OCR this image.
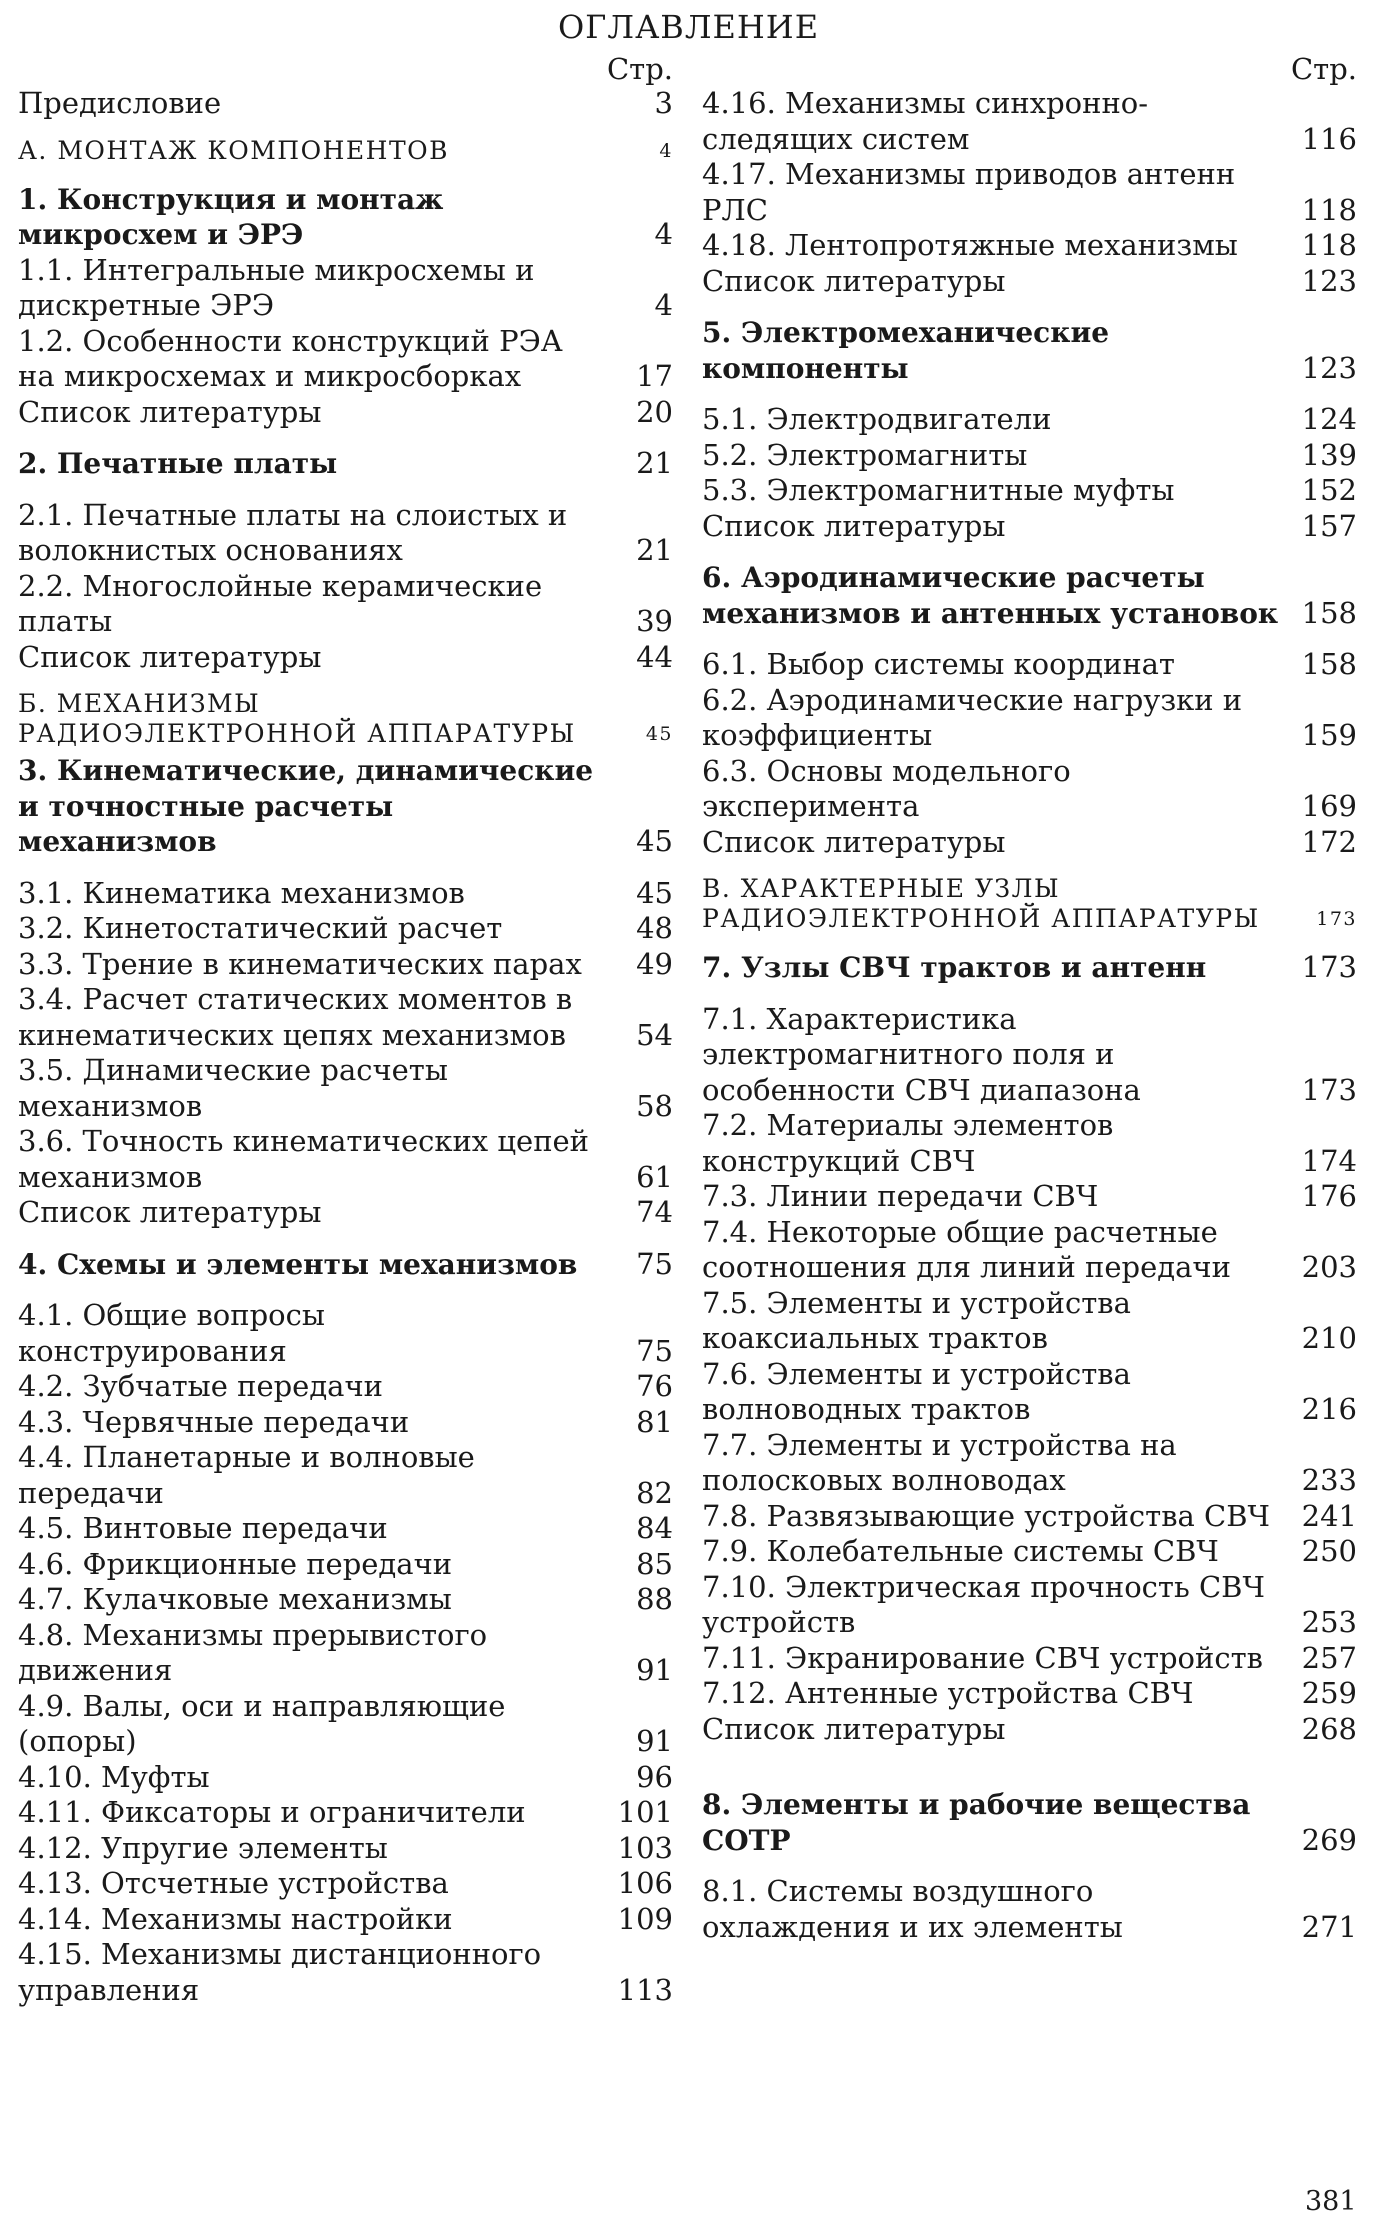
ОГЛАВЛЕНИЕ
Стр.
Предисловие	3
А. МОНТАЖ КОМПОНЕНТОВ	4
1. Конструкция и монтаж микросхем и ЭРЭ	4
1.1. Интегральные микросхемы и дискретные ЭРЭ	4
1.2. Особенности конструкций РЭА на микросхемах и микросборках	17
Список литературы	20
2. Печатные платы	21
2.1. Печатные платы на слоистых и волокнистых основаниях	21
2.2. Многослойные керамические платы	39
Список литературы	44
Б. МЕХАНИЗМЫ РАДИОЭЛЕКТРОННОЙ АППАРАТУРЫ	45
3. Кинематические, динамические и точностные расчеты механизмов	45
3.1. Кинематика механизмов	45
3.2. Кинетостатический расчет	48
3.3. Трение в кинематических парах	49
3.4. Расчет статических моментов в кинематических цепях механизмов	54
3.5. Динамические расчеты механизмов	58
3.6. Точность кинематических цепей механизмов	61
Список литературы	74
4. Схемы и элементы механизмов	75
4.1. Общие вопросы конструирования	75
4.2. Зубчатые передачи	76
4.3. Червячные передачи	81
4.4. Планетарные и волновые передачи	82
4.5. Винтовые передачи	84
4.6. Фрикционные передачи	85
4.7. Кулачковые механизмы	88
4.8. Механизмы прерывистого движения	91
4.9. Валы, оси и направляющие (опоры)	91
4.10. Муфты	96
4.11. Фиксаторы и ограничители	101
4.12. Упругие элементы	103
4.13. Отсчетные устройства	106
4.14. Механизмы настройки	109
4.15. Механизмы дистанционного управления	113
Стр.
4.16. Механизмы синхронно-следящих систем	116
4.17. Механизмы приводов антенн РЛС	118
4.18. Лентопротяжные механизмы	118
Список литературы	123
5. Электромеханические компоненты	123
5.1. Электродвигатели	124
5.2. Электромагниты	139
5.3. Электромагнитные муфты	152
Список литературы	157
6. Аэродинамические расчеты механизмов и антенных установок 158
6.1. Выбор системы координат	158
6.2. Аэродинамические нагрузки и коэффициенты	159
6.3. Основы модельного эксперимента	169
Список литературы	172
В. ХАРАКТЕРНЫЕ УЗЛЫ РАДИОЭЛЕКТРОННОЙ АППАРАТУРЫ	173
7. Узлы СВЧ трактов и антенн	173
7.1. Характеристика электромагнитного поля и особенности СВЧ диапазона	173
7.2. Материалы элементов конструкций СВЧ	174
7.3. Линии передачи СВЧ	176
7.4. Некоторые общие расчетные соотношения для линий передачи	203
7.5. Элементы и устройства коаксиальных трактов	210
7.6. Элементы и устройства волноводных трактов	216
7.7. Элементы и устройства на полосковых волноводах	233
7.8. Развязывающие устройства СВЧ	241
7.9. Колебательные системы СВЧ	250
7.10. Электрическая прочность СВЧ устройств	253
7.11. Экранирование СВЧ устройств	257
7.12. Антенные устройства СВЧ	259
Список литературы	268
8. Элементы и рабочие вещества СОТР	269
8.1. Системы воздушного охлаждения и их элементы	271
381
